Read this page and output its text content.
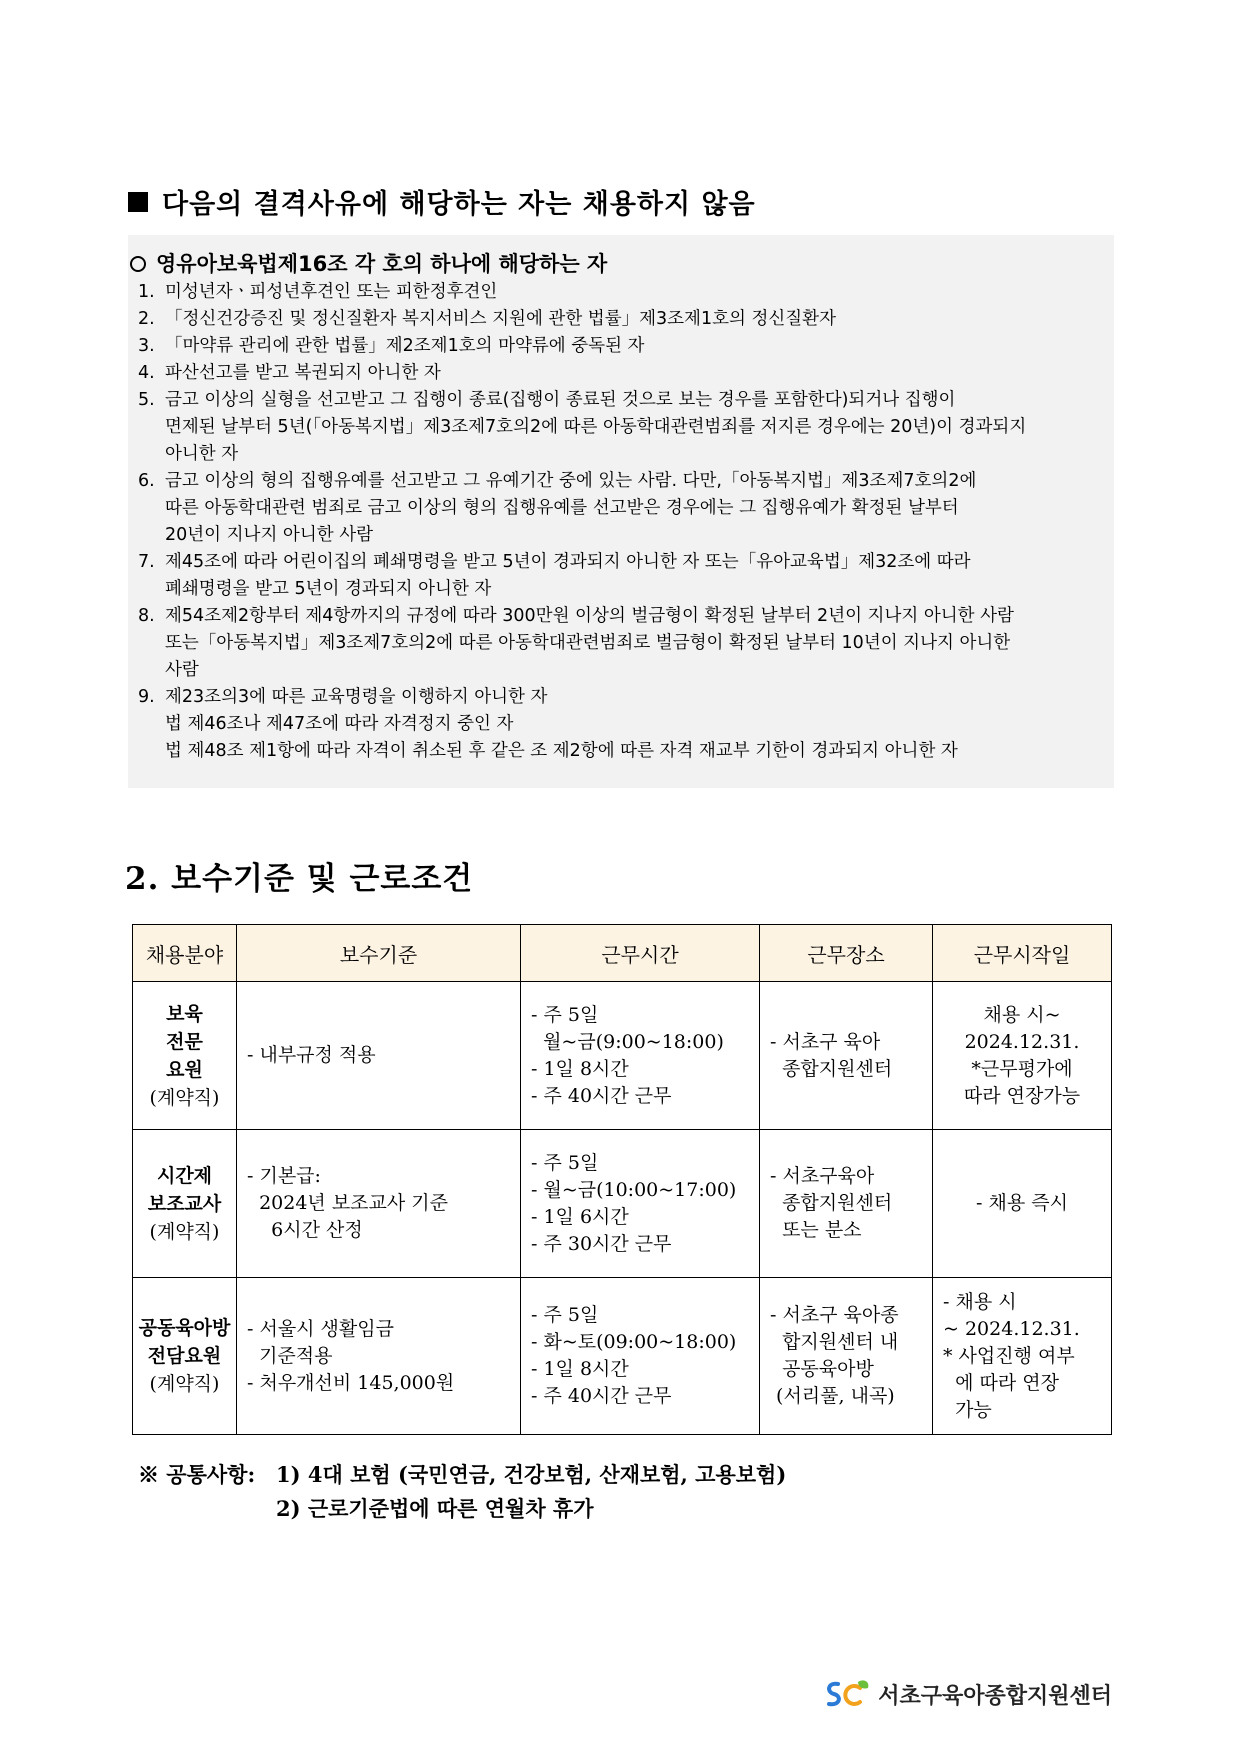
다음의 결격사유에 해당하는 자는 채용하지 않음
영유아보육법제16조 각 호의 하나에 해당하는 자
1. 미성년자ㆍ피성년후견인 또는 피한정후견인
2. 「정신건강증진 및 정신질환자 복지서비스 지원에 관한 법률」제3조제1호의 정신질환자
3. 「마약류 관리에 관한 법률」제2조제1호의 마약류에 중독된 자
4. 파산선고를 받고 복권되지 아니한 자
5. 금고 이상의 실형을 선고받고 그 집행이 종료(집행이 종료된 것으로 보는 경우를 포함한다)되거나 집행이
면제된 날부터 5년(「아동복지법」제3조제7호의2에 따른 아동학대관련범죄를 저지른 경우에는 20년)이 경과되지
아니한 자
6. 금고 이상의 형의 집행유예를 선고받고 그 유예기간 중에 있는 사람. 다만,「아동복지법」제3조제7호의2에
따른 아동학대관련 범죄로 금고 이상의 형의 집행유예를 선고받은 경우에는 그 집행유예가 확정된 날부터
20년이 지나지 아니한 사람
7. 제45조에 따라 어린이집의 폐쇄명령을 받고 5년이 경과되지 아니한 자 또는「유아교육법」제32조에 따라
폐쇄명령을 받고 5년이 경과되지 아니한 자
8. 제54조제2항부터 제4항까지의 규정에 따라 300만원 이상의 벌금형이 확정된 날부터 2년이 지나지 아니한 사람
또는「아동복지법」제3조제7호의2에 따른 아동학대관련범죄로 벌금형이 확정된 날부터 10년이 지나지 아니한
사람
9. 제23조의3에 따른 교육명령을 이행하지 아니한 자
법 제46조나 제47조에 따라 자격정지 중인 자
법 제48조 제1항에 따라 자격이 취소된 후 같은 조 제2항에 따른 자격 재교부 기한이 경과되지 아니한 자
2. 보수기준 및 근로조건
채용분야	보수기준	근무시간	근무장소	근무시작일

보육
전문
요원
(계약직)	- 내부규정 적용	- 주 5일
월~금(9:00~18:00)
- 1일 8시간
- 주 40시간 근무	- 서초구 육아
종합지원센터	채용 시~
2024.12.31.
*근무평가에
따라 연장가능

시간제
보조교사
(계약직)	- 기본급:
2024년 보조교사 기준
6시간 산정	- 주 5일
- 월~금(10:00~17:00)
- 1일 6시간
- 주 30시간 근무	- 서초구육아
종합지원센터
또는 분소	- 채용 즉시

공동육아방
전담요원
(계약직)	- 서울시 생활임금
기준적용
- 처우개선비 145,000원	- 주 5일
- 화~토(09:00~18:00)
- 1일 8시간
- 주 40시간 근무	- 서초구 육아종
합지원센터 내
공동육아방
(서리풀, 내곡)	- 채용 시
~ 2024.12.31.
* 사업진행 여부
에 따라 연장
가능
※ 공통사항: 1) 4대 보험 (국민연금, 건강보험, 산재보험, 고용보험)
2) 근로기준법에 따른 연월차 휴가
서초구육아종합지원센터
